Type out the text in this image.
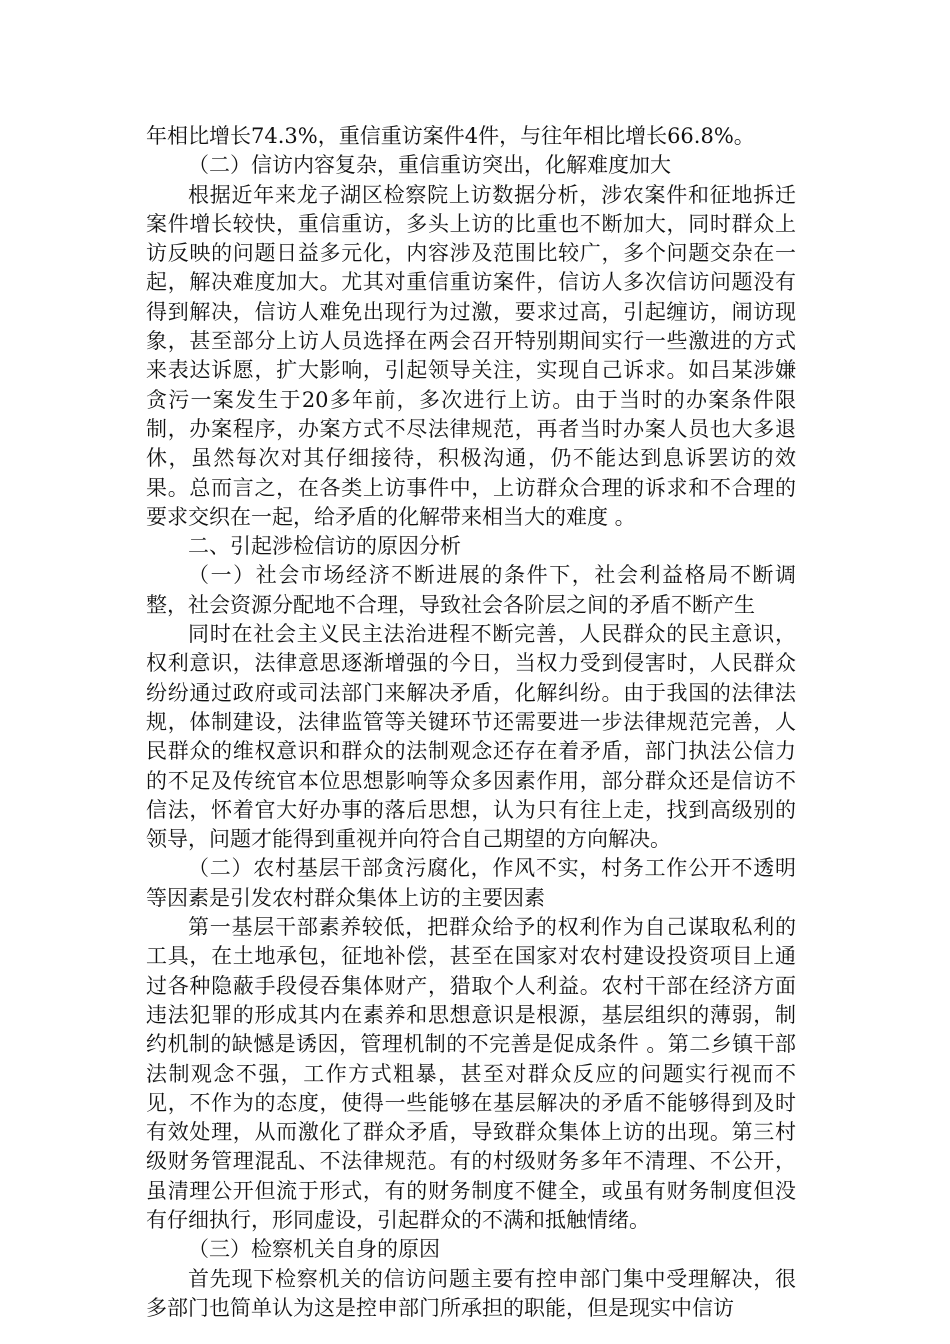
年相比增长74.3%，重信重访案件4件，与往年相比增长66.8%。

（二）信访内容复杂，重信重访突出，化解难度加大

根据近年来龙子湖区检察院上访数据分析，涉农案件和征地拆迁案件增长较快，重信重访，多头上访的比重也不断加大，同时群众上访反映的问题日益多元化，内容涉及范围比较广，多个问题交杂在一起，解决难度加大。尤其对重信重访案件，信访人多次信访问题没有得到解决，信访人难免出现行为过激，要求过高，引起缠访，闹访现象，甚至部分上访人员选择在两会召开特别期间实行一些激进的方式来表达诉愿，扩大影响，引起领导关注，实现自己诉求。如吕某涉嫌贪污一案发生于20多年前，多次进行上访。由于当时的办案条件限制，办案程序，办案方式不尽法律规范，再者当时办案人员也大多退休，虽然每次对其仔细接待，积极沟通，仍不能达到息诉罢访的效果。总而言之，在各类上访事件中，上访群众合理的诉求和不合理的要求交织在一起，给矛盾的化解带来相当大的难度 。

二、引起涉检信访的原因分析

（一）社会市场经济不断进展的条件下，社会利益格局不断调整，社会资源分配地不合理，导致社会各阶层之间的矛盾不断产生

同时在社会主义民主法治进程不断完善，人民群众的民主意识，权利意识，法律意思逐渐增强的今日，当权力受到侵害时，人民群众纷纷通过政府或司法部门来解决矛盾，化解纠纷。由于我国的法律法规，体制建设，法律监管等关键环节还需要进一步法律规范完善，人民群众的维权意识和群众的法制观念还存在着矛盾，部门执法公信力的不足及传统官本位思想影响等众多因素作用，部分群众还是信访不信法，怀着官大好办事的落后思想，认为只有往上走，找到高级别的领导，问题才能得到重视并向符合自己期望的方向解决。

（二）农村基层干部贪污腐化，作风不实，村务工作公开不透明等因素是引发农村群众集体上访的主要因素

第一基层干部素养较低，把群众给予的权利作为自己谋取私利的工具，在土地承包，征地补偿，甚至在国家对农村建设投资项目上通过各种隐蔽手段侵吞集体财产，猎取个人利益。农村干部在经济方面违法犯罪的形成其内在素养和思想意识是根源，基层组织的薄弱，制约机制的缺憾是诱因，管理机制的不完善是促成条件 。第二乡镇干部法制观念不强，工作方式粗暴，甚至对群众反应的问题实行视而不见，不作为的态度，使得一些能够在基层解决的矛盾不能够得到及时有效处理，从而激化了群众矛盾，导致群众集体上访的出现。第三村级财务管理混乱、不法律规范。有的村级财务多年不清理、不公开，虽清理公开但流于形式，有的财务制度不健全，或虽有财务制度但没有仔细执行，形同虚设，引起群众的不满和抵触情绪。

（三）检察机关自身的原因

首先现下检察机关的信访问题主要有控申部门集中受理解决，很多部门也简单认为这是控申部门所承担的职能，但是现实中信访
